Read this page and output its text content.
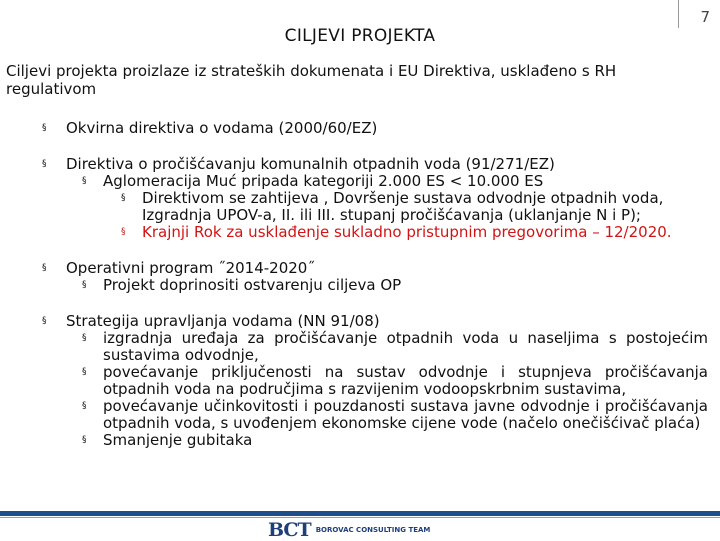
7
CILJEVI PROJEKTA
Ciljevi projekta proizlaze iz strateških dokumenata i EU Direktiva, usklađeno s RH regulativom
§ Okvirna direktiva o vodama (2000/60/EZ)
§ Direktiva o pročišćavanju komunalnih otpadnih voda (91/271/EZ)
§ Aglomeracija Muć pripada kategoriji 2.000 ES < 10.000 ES
§ Direktivom se zahtijeva , Dovršenje sustava odvodnje otpadnih voda, Izgradnja UPOV-a, II. ili III. stupanj pročišćavanja (uklanjanje N i P);
§ Krajnji Rok za usklađenje sukladno pristupnim pregovorima – 12/2020.
§ Operativni program ˝2014-2020˝
§ Projekt doprinositi ostvarenju ciljeva OP
§ Strategija upravljanja vodama (NN 91/08)
§ izgradnja uređaja za pročišćavanje otpadnih voda u naseljima s postojećim sustavima odvodnje,
§ povećavanje priključenosti na sustav odvodnje i stupnjeva pročišćavanja otpadnih voda na područjima s razvijenim vodoopskrbnim sustavima,
§ povećavanje učinkovitosti i pouzdanosti sustava javne odvodnje i pročišćavanja otpadnih voda, s uvođenjem ekonomske cijene vode (načelo onečišćivač plaća)
§ Smanjenje gubitaka
BCT BOROVAC CONSULTING TEAM
